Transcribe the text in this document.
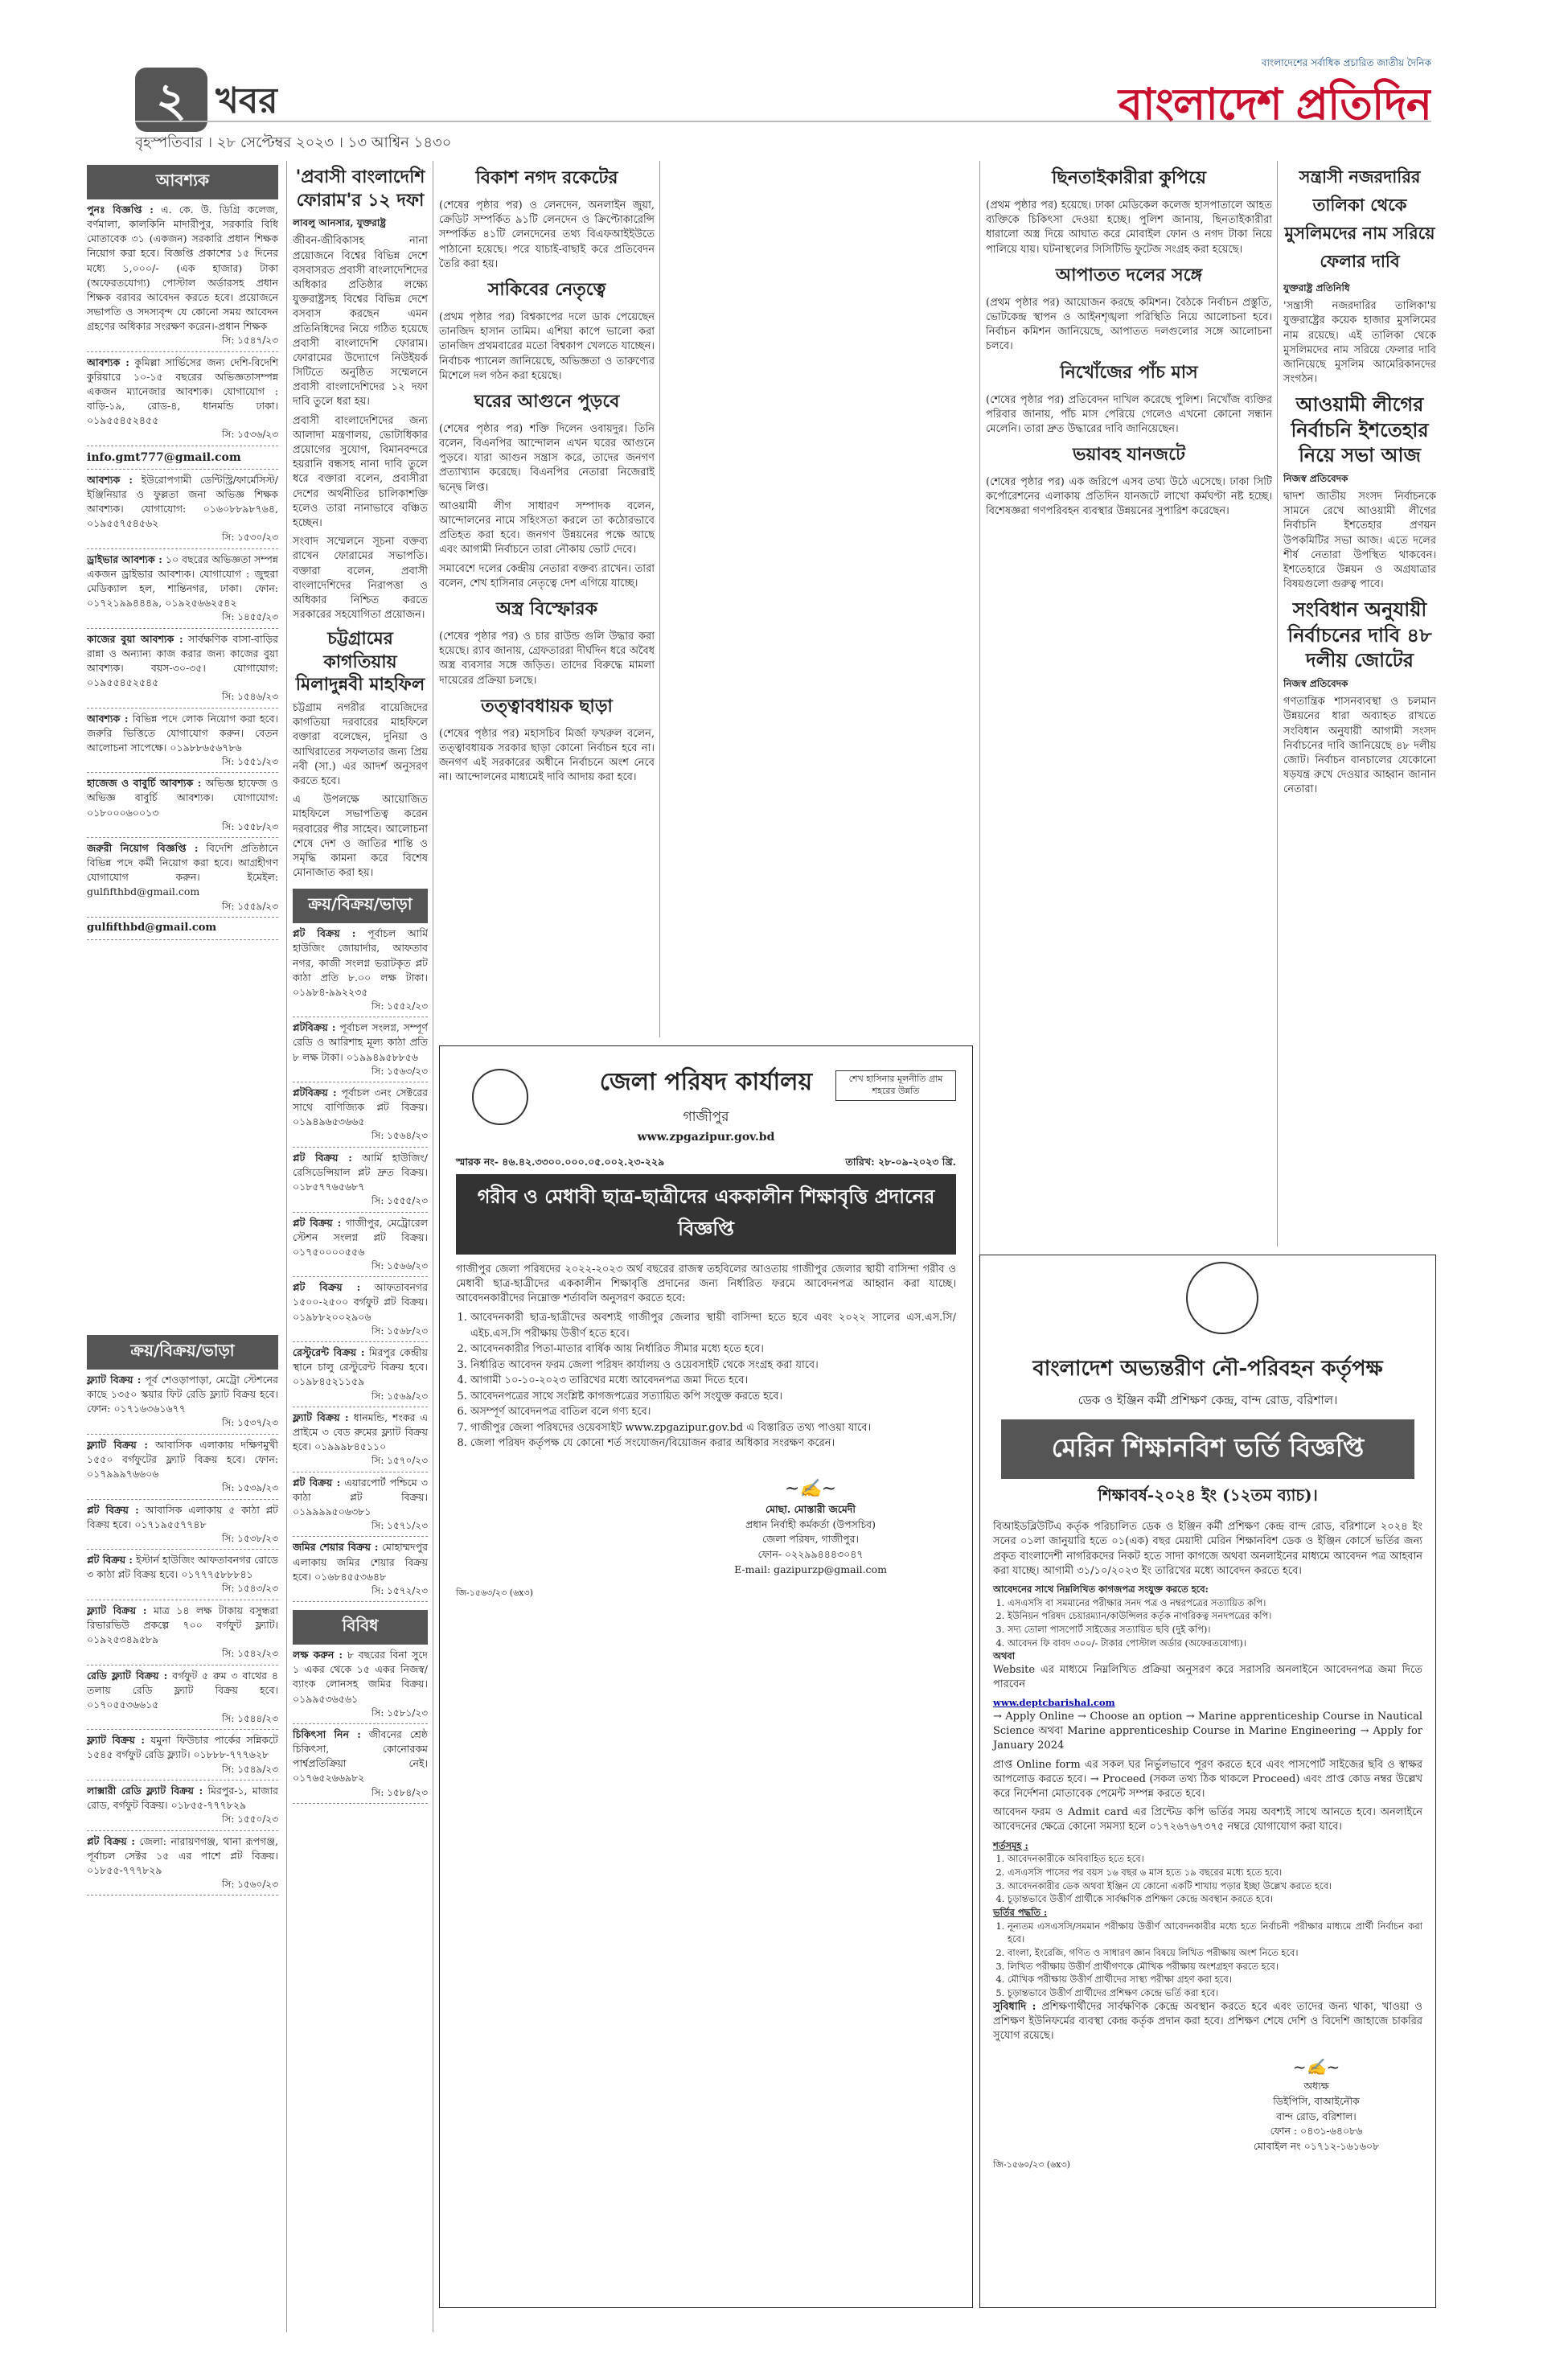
২ খবর
বৃহস্পতিবার । ২৮ সেপ্টেম্বর ২০২৩ । ১৩ আশ্বিন ১৪৩০
বাংলাদেশের সর্বাধিক প্রচারিত জাতীয় দৈনিক
বাংলাদেশ প্রতিদিন
আবশ্যক
পুনঃ বিজ্ঞপ্তি : এ. কে. উ. ডিগ্রি কলেজ, বর্ণমালা, কালকিনি মাদারীপুর, সরকারি বিধি মোতাবেক ৩১ (একজন) সরকারি প্রধান শিক্ষক নিয়োগ করা হবে। বিজ্ঞপ্তি প্রকাশের ১৫ দিনের মধ্যে ১,০০০/- (এক হাজার) টাকা (অফেরতযোগ্য) পোস্টাল অর্ডারসহ প্রধান শিক্ষক বরাবর আবেদন করতে হবে। প্রয়োজনে সভাপতি ও সদস্যবৃন্দ যে কোনো সময় আবেদন গ্রহণের অধিকার সংরক্ষণ করেন।-প্রধান শিক্ষক
সি: ১৫৪৭/২৩
আবশ্যক : কুমিল্লা সার্ভিসের জন্য দেশি-বিদেশি কুরিয়ারে ১০-১৫ বছরের অভিজ্ঞতাসম্পন্ন একজন ম্যানেজার আবশ্যক। যোগাযোগ : বাড়ি-১৯, রোড-৪, ধানমন্ডি ঢাকা। ০১৯৫৫৪৫২৪৫৫
সি: ১৫৩৬/২৩
info.gmt777@gmail.com
আবশ্যক : ইউরোপগামী ডেন্টিস্ট্রি/ফার্মেসিস্ট/ইঞ্জিনিয়ার ও ফুল্লতা জনা অভিজ্ঞ শিক্ষক আবশ্যক। যোগাযোগ: ০১৬০৮৮৯৮৭৬৪, ০১৯৫৫৭৫৪৫৬২
সি: ১৫৩০/২৩
ড্রাইভার আবশ্যক : ১০ বছরের অভিজ্ঞতা সম্পন্ন একজন ড্রাইভার আবশ্যক। যোগাযোগ : জুহুরা মেডিক্যাল হল, শান্তিনগর, ঢাকা। ফোন: ০১৭২১৯৯৪৪৪৯, ০১৯২৫৬৬২৫৪২
সি: ১৪৫৫/২৩
কাজের বুয়া আবশ্যক : সার্বক্ষণিক বাসা-বাড়ির রান্না ও অন্যান্য কাজ করার জন্য কাজের বুয়া আবশ্যক। বয়স-৩০-৩৫। যোগাযোগ: ০১৯৫৫৪৫২৫৪৫
সি: ১৫৪৬/২৩
আবশ্যক : বিভিন্ন পদে লোক নিয়োগ করা হবে। জরুরি ভিত্তিতে যোগাযোগ করুন। বেতন আলোচনা সাপেক্ষে। ০১৯৮৮৬৫৬৭৮৬
সি: ১৫৫১/২৩
হাজেজ ও বাবুর্চি আবশ্যক : অভিজ্ঞ হাফেজ ও অভিজ্ঞ বাবুর্চি আবশ্যক। যোগাযোগ: ০১৮০০০৬০০১৩
সি: ১৫৫৮/২৩
জরুরী নিয়োগ বিজ্ঞপ্তি : বিদেশি প্রতিষ্ঠানে বিভিন্ন পদে কর্মী নিয়োগ করা হবে। আগ্রহীগণ যোগাযোগ করুন। ইমেইল: gulfifthbd@gmail.com
সি: ১৫৫৯/২৩
gulfifthbd@gmail.com
ক্রয়/বিক্রয়/ভাড়া
ফ্ল্যাট বিক্রয় : পূর্ব শেওড়াপাড়া, মেট্রো স্টেশনের কাছে ১৩৫০ স্কয়ার ফিট রেডি ফ্ল্যাট বিক্রয় হবে। ফোন: ০১৭১৬৩৬১৬৭৭
সি: ১৫৩৭/২৩
ফ্ল্যাট বিক্রয় : আবাসিক এলাকায় দক্ষিণমুখী ১৫৫০ বর্গফুটের ফ্ল্যাট বিক্রয় হবে। ফোন: ০১৭৯৯৯৭৬৬০৬
সি: ১৫৩৯/২৩
প্লট বিক্রয় : আবাসিক এলাকায় ৫ কাঠা প্লট বিক্রয় হবে। ০১৭১৯৫৫৭৭৪৮
সি: ১৫৩৮/২৩
প্লট বিক্রয় : ইস্টার্ন হাউজিং আফতাবনগর রোডে ৩ কাঠা প্লট বিক্রয় হবে। ০১৭৭৭৫৮৮৮৪১
সি: ১৫৪৩/২৩
ফ্ল্যাট বিক্রয় : মাত্র ১৪ লক্ষ টাকায় বসুন্ধরা রিভারভিউ প্রকল্পে ৭০০ বর্গফুট ফ্ল্যাট। ০১৯২৫৩৪৯৫৮৯
সি: ১৫৪২/২৩
রেডি ফ্ল্যাট বিক্রয় : বর্গফুট ৫ রুম ৩ বাথের ৪ তলায় রেডি ফ্ল্যাট বিক্রয় হবে। ০১৭০৫৫৩৬৬১৫
সি: ১৫৪৪/২৩
ফ্ল্যাট বিক্রয় : যমুনা ফিউচার পার্কের সন্নিকটে ১৫৪৫ বর্গফুট রেডি ফ্ল্যাট। ০১৮৮৮-৭৭৭৬২৮
সি: ১৫৪৯/২৩
লাক্সারী রেডি ফ্ল্যাট বিক্রয় : মিরপুর-১, মাজার রোড, বর্গফুট বিক্রয়। ০১৮৫৫-৭৭৭৮২৯
সি: ১৫৫০/২৩
প্লট বিক্রয় : জেলা: নারায়ণগঞ্জ, থানা রূপগঞ্জ, পূর্বাচল সেক্টর ১৫ এর পাশে প্লট বিক্রয়। ০১৮৫৫-৭৭৭৮২৯
সি: ১৫৬০/২৩
'প্রবাসী বাংলাদেশি ফোরাম'র ১২ দফা
লাবলু আনসার, যুক্তরাষ্ট্র

জীবন-জীবিকাসহ নানা প্রয়োজনে বিশ্বের বিভিন্ন দেশে বসবাসরত প্রবাসী বাংলাদেশিদের অধিকার প্রতিষ্ঠার লক্ষ্যে যুক্তরাষ্ট্রসহ বিশ্বের বিভিন্ন দেশে বসবাস করছেন এমন প্রতিনিধিদের নিয়ে গঠিত হয়েছে প্রবাসী বাংলাদেশি ফোরাম। ফোরামের উদ্যোগে নিউইয়র্ক সিটিতে অনুষ্ঠিত সম্মেলনে প্রবাসী বাংলাদেশিদের ১২ দফা দাবি তুলে ধরা হয়।

প্রবাসী বাংলাদেশিদের জন্য আলাদা মন্ত্রণালয়, ভোটাধিকার প্রয়োগের সুযোগ, বিমানবন্দরে হয়রানি বন্ধসহ নানা দাবি তুলে ধরে বক্তারা বলেন, প্রবাসীরা দেশের অর্থনীতির চালিকাশক্তি হলেও তারা নানাভাবে বঞ্চিত হচ্ছেন।

সংবাদ সম্মেলনে সূচনা বক্তব্য রাখেন ফোরামের সভাপতি। বক্তারা বলেন, প্রবাসী বাংলাদেশিদের নিরাপত্তা ও অধিকার নিশ্চিত করতে সরকারের সহযোগিতা প্রয়োজন।

চট্টগ্রামের কাগতিয়ায় মিলাদুন্নবী মাহফিল

চট্টগ্রাম নগরীর বায়েজিদের কাগতিয়া দরবারের মাহফিলে বক্তারা বলেছেন, দুনিয়া ও আখিরাতের সফলতার জন্য প্রিয় নবী (সা.) এর আদর্শ অনুসরণ করতে হবে।

এ উপলক্ষে আয়োজিত মাহফিলে সভাপতিত্ব করেন দরবারের পীর সাহেব। আলোচনা শেষে দেশ ও জাতির শান্তি ও সমৃদ্ধি কামনা করে বিশেষ মোনাজাত করা হয়।

ক্রয়/বিক্রয়/ভাড়া
প্লট বিক্রয় : পূর্বাচল আর্মি হাউজিং জোয়ার্দার, আফতাব নগর, কাজী সংলগ্ন ভরাটকৃত প্লট কাঠা প্রতি ৮.০০ লক্ষ টাকা। ০১৯৮৪-৯৯২২৩৫
সি: ১৫৫২/২৩
প্লটবিক্রয় : পূর্বাচল সংলগ্ন, সম্পূর্ণ রেডি ও আরিশাহ মূল্য কাঠা প্রতি ৮ লক্ষ টাকা। ০১৯৯৪৯৫৮৮৫৬
সি: ১৫৬৩/২৩
প্লটবিক্রয় : পূর্বাচল ৩নং সেক্টরের সাথে বাণিজ্যিক প্লট বিক্রয়। ০১৯৪৯৬৫৩৬৬৫
সি: ১৫৬৪/২৩
প্লট বিক্রয় : আর্মি হাউজিং/রেসিডেন্সিয়াল প্লট দ্রুত বিক্রয়। ০১৮৫৭৭৬৫৬৮৭
সি: ১৫৫৫/২৩
প্লট বিক্রয় : গাজীপুর, মেট্রোরেল স্টেশন সংলগ্ন প্লট বিক্রয়। ০১৭৫০০০০৫৫৬
সি: ১৫৬৬/২৩
প্লট বিক্রয় : আফতাবনগর ১৫০০-২৫০০ বর্গফুট প্লট বিক্রয়। ০১৯৮৮২০০২৯০৬
সি: ১৫৬৮/২৩
রেস্টুরেন্ট বিক্রয় : মিরপুর কেন্দ্রীয় স্থানে চালু রেস্টুরেন্ট বিক্রয় হবে। ০১৯৮৪৫২১১৫৯
সি: ১৫৬৯/২৩
ফ্ল্যাট বিক্রয় : ধানমন্ডি, শংকর এ প্রাইমে ৩ বেড রুমের ফ্ল্যাট বিক্রয় হবে। ০১৯৯৯৮৪৫১১০
সি: ১৫৭০/২৩
প্লট বিক্রয় : এয়ারপোর্ট পশ্চিমে ৩ কাঠা প্লট বিক্রয়। ০১৯৯৯৯৫০৬৩৮১
সি: ১৫৭১/২৩
জমির শেয়ার বিক্রয় : মোহাম্মদপুর এলাকায় জমির শেয়ার বিক্রয় হবে। ০১৬৮৪৫৫৩৬৪৮
সি: ১৫৭২/২৩
বিবিধ
লক্ষ করুন : ৮ বছরের বিনা সুদে ১ একর থেকে ১৫ একর নিজস্ব/ব্যাংক লোনসহ জমির বিক্রয়। ০১৯৯৫৩৬৫৬১
সি: ১৫৮১/২৩
চিকিৎসা নিন : জীবনের শ্রেষ্ঠ চিকিৎসা, কোনোরকম পার্শ্বপ্রতিক্রিয়া নেই। ০১৭৬৫২৬৬৯৮২
সি: ১৫৮৪/২৩
বিকাশ নগদ রকেটের

(শেষের পৃষ্ঠার পর) ও লেনদেন, অনলাইন জুয়া, ক্রেডিট সম্পর্কিত ৯১টি লেনদেন ও ক্রিপ্টোকারেন্সি সম্পর্কিত ৪১টি লেনদেনের তথ্য বিএফআইইউতে পাঠানো হয়েছে। পরে যাচাই-বাছাই করে প্রতিবেদন তৈরি করা হয়।

সাকিবের নেতৃত্বে

(প্রথম পৃষ্ঠার পর) বিশ্বকাপের দলে ডাক পেয়েছেন তানজিদ হাসান তামিম। এশিয়া কাপে ভালো করা তানজিদ প্রথমবারের মতো বিশ্বকাপ খেলতে যাচ্ছেন। নির্বাচক প্যানেল জানিয়েছে, অভিজ্ঞতা ও তারুণ্যের মিশেলে দল গঠন করা হয়েছে।

ঘরের আগুনে পুড়বে

(শেষের পৃষ্ঠার পর) শক্তি দিলেন ওবায়দুর। তিনি বলেন, বিএনপির আন্দোলন এখন ঘরের আগুনে পুড়বে। যারা আগুন সন্ত্রাস করে, তাদের জনগণ প্রত্যাখ্যান করেছে। বিএনপির নেতারা নিজেরাই দ্বন্দ্বে লিপ্ত।

আওয়ামী লীগ সাধারণ সম্পাদক বলেন, আন্দোলনের নামে সহিংসতা করলে তা কঠোরভাবে প্রতিহত করা হবে। জনগণ উন্নয়নের পক্ষে আছে এবং আগামী নির্বাচনে তারা নৌকায় ভোট দেবে।

সমাবেশে দলের কেন্দ্রীয় নেতারা বক্তব্য রাখেন। তারা বলেন, শেখ হাসিনার নেতৃত্বে দেশ এগিয়ে যাচ্ছে।

অস্ত্র বিস্ফোরক

(শেষের পৃষ্ঠার পর) ও চার রাউন্ড গুলি উদ্ধার করা হয়েছে। র‍্যাব জানায়, গ্রেফতাররা দীর্ঘদিন ধরে অবৈধ অস্ত্র ব্যবসার সঙ্গে জড়িত। তাদের বিরুদ্ধে মামলা দায়েরের প্রক্রিয়া চলছে।

তত্ত্বাবধায়ক ছাড়া

(শেষের পৃষ্ঠার পর) মহাসচিব মির্জা ফখরুল বলেন, তত্ত্বাবধায়ক সরকার ছাড়া কোনো নির্বাচন হবে না। জনগণ এই সরকারের অধীনে নির্বাচনে অংশ নেবে না। আন্দোলনের মাধ্যমেই দাবি আদায় করা হবে।

ছিনতাইকারীরা কুপিয়ে

(প্রথম পৃষ্ঠার পর) হয়েছে। ঢাকা মেডিকেল কলেজ হাসপাতালে আহত ব্যক্তিকে চিকিৎসা দেওয়া হচ্ছে। পুলিশ জানায়, ছিনতাইকারীরা ধারালো অস্ত্র দিয়ে আঘাত করে মোবাইল ফোন ও নগদ টাকা নিয়ে পালিয়ে যায়। ঘটনাস্থলের সিসিটিভি ফুটেজ সংগ্রহ করা হয়েছে।

আপাতত দলের সঙ্গে

(প্রথম পৃষ্ঠার পর) আয়োজন করছে কমিশন। বৈঠকে নির্বাচন প্রস্তুতি, ভোটকেন্দ্র স্থাপন ও আইনশৃঙ্খলা পরিস্থিতি নিয়ে আলোচনা হবে। নির্বাচন কমিশন জানিয়েছে, আপাতত দলগুলোর সঙ্গে আলোচনা চলবে।

নিখোঁজের পাঁচ মাস

(শেষের পৃষ্ঠার পর) প্রতিবেদন দাখিল করেছে পুলিশ। নিখোঁজ ব্যক্তির পরিবার জানায়, পাঁচ মাস পেরিয়ে গেলেও এখনো কোনো সন্ধান মেলেনি। তারা দ্রুত উদ্ধারের দাবি জানিয়েছেন।

ভয়াবহ যানজটে

(শেষের পৃষ্ঠার পর) এক জরিপে এসব তথ্য উঠে এসেছে। ঢাকা সিটি কর্পোরেশনের এলাকায় প্রতিদিন যানজটে লাখো কর্মঘণ্টা নষ্ট হচ্ছে। বিশেষজ্ঞরা গণপরিবহন ব্যবস্থার উন্নয়নের সুপারিশ করেছেন।

সন্ত্রাসী নজরদারির তালিকা থেকে মুসলিমদের নাম সরিয়ে ফেলার দাবি
যুক্তরাষ্ট্র প্রতিনিধি

'সন্ত্রাসী নজরদারির তালিকা'য় যুক্তরাষ্ট্রের কয়েক হাজার মুসলিমের নাম রয়েছে। এই তালিকা থেকে মুসলিমদের নাম সরিয়ে ফেলার দাবি জানিয়েছে মুসলিম আমেরিকানদের সংগঠন।

আওয়ামী লীগের নির্বাচনি ইশতেহার নিয়ে সভা আজ
নিজস্ব প্রতিবেদক

দ্বাদশ জাতীয় সংসদ নির্বাচনকে সামনে রেখে আওয়ামী লীগের নির্বাচনি ইশতেহার প্রণয়ন উপকমিটির সভা আজ। এতে দলের শীর্ষ নেতারা উপস্থিত থাকবেন। ইশতেহারে উন্নয়ন ও অগ্রযাত্রার বিষয়গুলো গুরুত্ব পাবে।

সংবিধান অনুযায়ী নির্বাচনের দাবি ৪৮ দলীয় জোটের
নিজস্ব প্রতিবেদক

গণতান্ত্রিক শাসনব্যবস্থা ও চলমান উন্নয়নের ধারা অব্যাহত রাখতে সংবিধান অনুযায়ী আগামী সংসদ নির্বাচনের দাবি জানিয়েছে ৪৮ দলীয় জোট। নির্বাচন বানচালের যেকোনো ষড়যন্ত্র রুখে দেওয়ার আহ্বান জানান নেতারা।

জেলা পরিষদ কার্যালয়
গাজীপুর
www.zpgazipur.gov.bd
শেখ হাসিনার মূলনীতি গ্রাম শহরের উন্নতি
স্মারক নং- ৪৬.৪২.৩৩০০.০০০.০৫.০০২.২৩-২২৯	তারিখ: ২৮-০৯-২০২৩ খ্রি.
গরীব ও মেধাবী ছাত্র-ছাত্রীদের এককালীন শিক্ষাবৃত্তি প্রদানের বিজ্ঞপ্তি

গাজীপুর জেলা পরিষদের ২০২২-২০২৩ অর্থ বছরের রাজস্ব তহবিলের আওতায় গাজীপুর জেলার স্থায়ী বাসিন্দা গরীব ও মেধাবী ছাত্র-ছাত্রীদের এককালীন শিক্ষাবৃত্তি প্রদানের জন্য নির্ধারিত ফরমে আবেদনপত্র আহ্বান করা যাচ্ছে। আবেদনকারীদের নিম্নোক্ত শর্তাবলি অনুসরণ করতে হবে:

1. আবেদনকারী ছাত্র-ছাত্রীদের অবশ্যই গাজীপুর জেলার স্থায়ী বাসিন্দা হতে হবে এবং ২০২২ সালের এস.এস.সি/এইচ.এস.সি পরীক্ষায় উত্তীর্ণ হতে হবে।
2. আবেদনকারীর পিতা-মাতার বার্ষিক আয় নির্ধারিত সীমার মধ্যে হতে হবে।
3. নির্ধারিত আবেদন ফরম জেলা পরিষদ কার্যালয় ও ওয়েবসাইট থেকে সংগ্রহ করা যাবে।
4. আগামী ১০-১০-২০২৩ তারিখের মধ্যে আবেদনপত্র জমা দিতে হবে।
5. আবেদনপত্রের সাথে সংশ্লিষ্ট কাগজপত্রের সত্যায়িত কপি সংযুক্ত করতে হবে।
6. অসম্পূর্ণ আবেদনপত্র বাতিল বলে গণ্য হবে।
7. গাজীপুর জেলা পরিষদের ওয়েবসাইট www.zpgazipur.gov.bd এ বিস্তারিত তথ্য পাওয়া যাবে।
8. জেলা পরিষদ কর্তৃপক্ষ যে কোনো শর্ত সংযোজন/বিয়োজন করার অধিকার সংরক্ষণ করেন।
~✍~
মোছা. মোস্তারী জমেদী
প্রধান নির্বাহী কর্মকর্তা (উপসচিব)
জেলা পরিষদ, গাজীপুর।
ফোন- ০২২৯৯৪৪৪৩০৪৭
E-mail: gazipurzp@gmail.com
জি-১৫৬৩/২৩ (৬x৩)
বাংলাদেশ অভ্যন্তরীণ নৌ-পরিবহন কর্তৃপক্ষ
ডেক ও ইঞ্জিন কর্মী প্রশিক্ষণ কেন্দ্র, বান্দ রোড, বরিশাল।
মেরিন শিক্ষানবিশ ভর্তি বিজ্ঞপ্তি
শিক্ষাবর্ষ-২০২৪ ইং (১২তম ব্যাচ)।

বিআইডব্লিউটিএ কর্তৃক পরিচালিত ডেক ও ইঞ্জিন কর্মী প্রশিক্ষণ কেন্দ্র বান্দ রোড, বরিশালে ২০২৪ ইং সনের ০১লা জানুয়ারি হতে ০১(এক) বছর মেয়াদী মেরিন শিক্ষানবিশ ডেক ও ইঞ্জিন কোর্সে ভর্তির জন্য প্রকৃত বাংলাদেশী নাগরিকদের নিকট হতে সাদা কাগজে অথবা অনলাইনের মাধ্যমে আবেদন পত্র আহবান করা যাচ্ছে। আগামী ৩১/১০/২০২৩ ইং তারিখের মধ্যে আবেদন করতে হবে।

আবেদনের সাথে নিম্নলিখিত কাগজপত্র সংযুক্ত করতে হবে:
1. এসএসসি বা সমমানের পরীক্ষার সনদ পত্র ও নম্বরপত্রের সত্যায়িত কপি।
2. ইউনিয়ন পরিষদ চেয়ারম্যান/কাউন্সিলর কর্তৃক নাগরিকত্ব সনদপত্রের কপি।
3. সদ্য তোলা পাসপোর্ট সাইজের সত্যায়িত ছবি (দুই কপি)।
4. আবেদন ফি বাবদ ৩০০/- টাকার পোস্টাল অর্ডার (অফেরতযোগ্য)।
অথবা

Website এর মাধ্যমে নিম্নলিখিত প্রক্রিয়া অনুসরণ করে সরাসরি অনলাইনে আবেদনপত্র জমা দিতে পারবেন

www.deptcbarishal.com

→ Apply Online → Choose an option → Marine apprenticeship Course in Nautical Science অথবা Marine apprenticeship Course in Marine Engineering → Apply for January 2024

প্রাপ্ত Online form এর সকল ঘর নির্ভুলভাবে পূরণ করতে হবে এবং পাসপোর্ট সাইজের ছবি ও স্বাক্ষর আপলোড করতে হবে। → Proceed (সকল তথ্য ঠিক থাকলে Proceed) এবং প্রাপ্ত কোড নম্বর উল্লেখ করে নির্দেশনা মোতাবেক পেমেন্ট সম্পন্ন করতে হবে।

আবেদন ফরম ও Admit card এর প্রিন্টেড কপি ভর্তির সময় অবশ্যই সাথে আনতে হবে। অনলাইনে আবেদনের ক্ষেত্রে কোনো সমস্যা হলে ০১৭২৬৭৬৭৩৭৫ নম্বরে যোগাযোগ করা যাবে।

শর্তসমূহ :
1. আবেদনকারীকে অবিবাহিত হতে হবে।
2. এসএসসি পাসের পর বয়স ১৬ বছর ৬ মাস হতে ১৯ বছরের মধ্যে হতে হবে।
3. আবেদনকারীর ডেক অথবা ইঞ্জিন যে কোনো একটি শাখায় পড়ার ইচ্ছা উল্লেখ করতে হবে।
4. চূড়ান্তভাবে উত্তীর্ণ প্রার্থীকে সার্বক্ষণিক প্রশিক্ষণ কেন্দ্রে অবস্থান করতে হবে।
ভর্তির পদ্ধতি :
1. নূন্যতম এসএসসি/সমমান পরীক্ষায় উত্তীর্ণ আবেদনকারীর মধ্যে হতে নির্বাচনী পরীক্ষার মাধ্যমে প্রার্থী নির্বাচন করা হবে।
2. বাংলা, ইংরেজি, গণিত ও সাধারণ জ্ঞান বিষয়ে লিখিত পরীক্ষায় অংশ নিতে হবে।
3. লিখিত পরীক্ষায় উত্তীর্ণ প্রার্থীগণকে মৌখিক পরীক্ষায় অংশগ্রহণ করতে হবে।
4. মৌখিক পরীক্ষায় উত্তীর্ণ প্রার্থীদের সাস্থ্য পরীক্ষা গ্রহণ করা হবে।
5. চূড়ান্তভাবে উত্তীর্ণ প্রার্থীদের প্রশিক্ষণ কেন্দ্রে ভর্তি করা হবে।

সুবিধাদি : প্রশিক্ষণার্থীদের সার্বক্ষণিক কেন্দ্রে অবস্থান করতে হবে এবং তাদের জন্য থাকা, খাওয়া ও প্রশিক্ষণ ইউনিফর্মের ব্যবস্থা কেন্দ্র কর্তৃক প্রদান করা হবে। প্রশিক্ষণ শেষে দেশি ও বিদেশি জাহাজে চাকরির সুযোগ রয়েছে।

~✍~
অধ্যক্ষ
ডিইপিসি, বাআইনৌক
বান্দ রোড, বরিশাল।
ফোন : ০৪৩১-৬৪০৮৬
মোবাইল নং ০১৭১২-১৬১৬০৮
জি-১৫৬০/২৩ (৬x৩)
